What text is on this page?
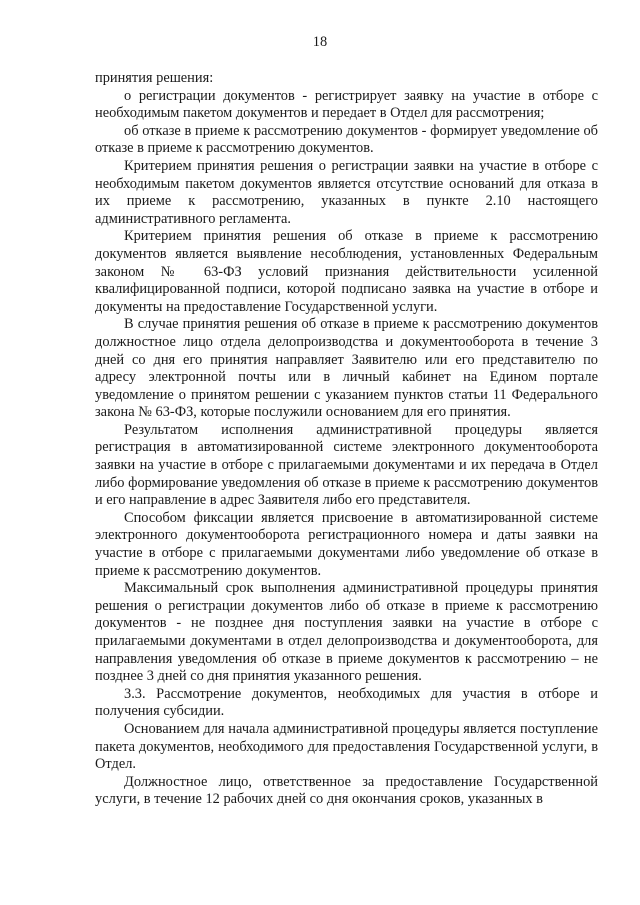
18

принятия решения:

о регистрации документов - регистрирует заявку на участие в отборе с необходимым пакетом документов и передает в Отдел для рассмотрения;

об отказе в приеме к рассмотрению документов - формирует уведомление об отказе в приеме к рассмотрению документов.

Критерием принятия решения о регистрации заявки на участие в отборе с необходимым пакетом документов является отсутствие оснований для отказа в их приеме к рассмотрению, указанных в пункте 2.10 настоящего административного регламента.

Критерием принятия решения об отказе в приеме к рассмотрению документов является выявление несоблюдения, установленных Федеральным законом № 63-ФЗ условий признания действительности усиленной квалифицированной подписи, которой подписано заявка на участие в отборе и документы на предоставление Государственной услуги.

В случае принятия решения об отказе в приеме к рассмотрению документов должностное лицо отдела делопроизводства и документооборота в течение 3 дней со дня его принятия направляет Заявителю или его представителю по адресу электронной почты или в личный кабинет на Едином портале уведомление о принятом решении с указанием пунктов статьи 11 Федерального закона № 63-ФЗ, которые послужили основанием для его принятия.

Результатом исполнения административной процедуры является регистрация в автоматизированной системе электронного документооборота заявки на участие в отборе с прилагаемыми документами и их передача в Отдел либо формирование уведомления об отказе в приеме к рассмотрению документов и его направление в адрес Заявителя либо его представителя.

Способом фиксации является присвоение в автоматизированной системе электронного документооборота регистрационного номера и даты заявки на участие в отборе с прилагаемыми документами либо уведомление об отказе в приеме к рассмотрению документов.

Максимальный срок выполнения административной процедуры принятия решения о регистрации документов либо об отказе в приеме к рассмотрению документов - не позднее дня поступления заявки на участие в отборе с прилагаемыми документами в отдел делопроизводства и документооборота, для направления уведомления об отказе в приеме документов к рассмотрению – не позднее 3 дней со дня принятия указанного решения.

3.3. Рассмотрение документов, необходимых для участия в отборе и получения субсидии.

Основанием для начала административной процедуры является поступление пакета документов, необходимого для предоставления Государственной услуги, в Отдел.

Должностное лицо, ответственное за предоставление Государственной услуги, в течение 12 рабочих дней со дня окончания сроков, указанных в
